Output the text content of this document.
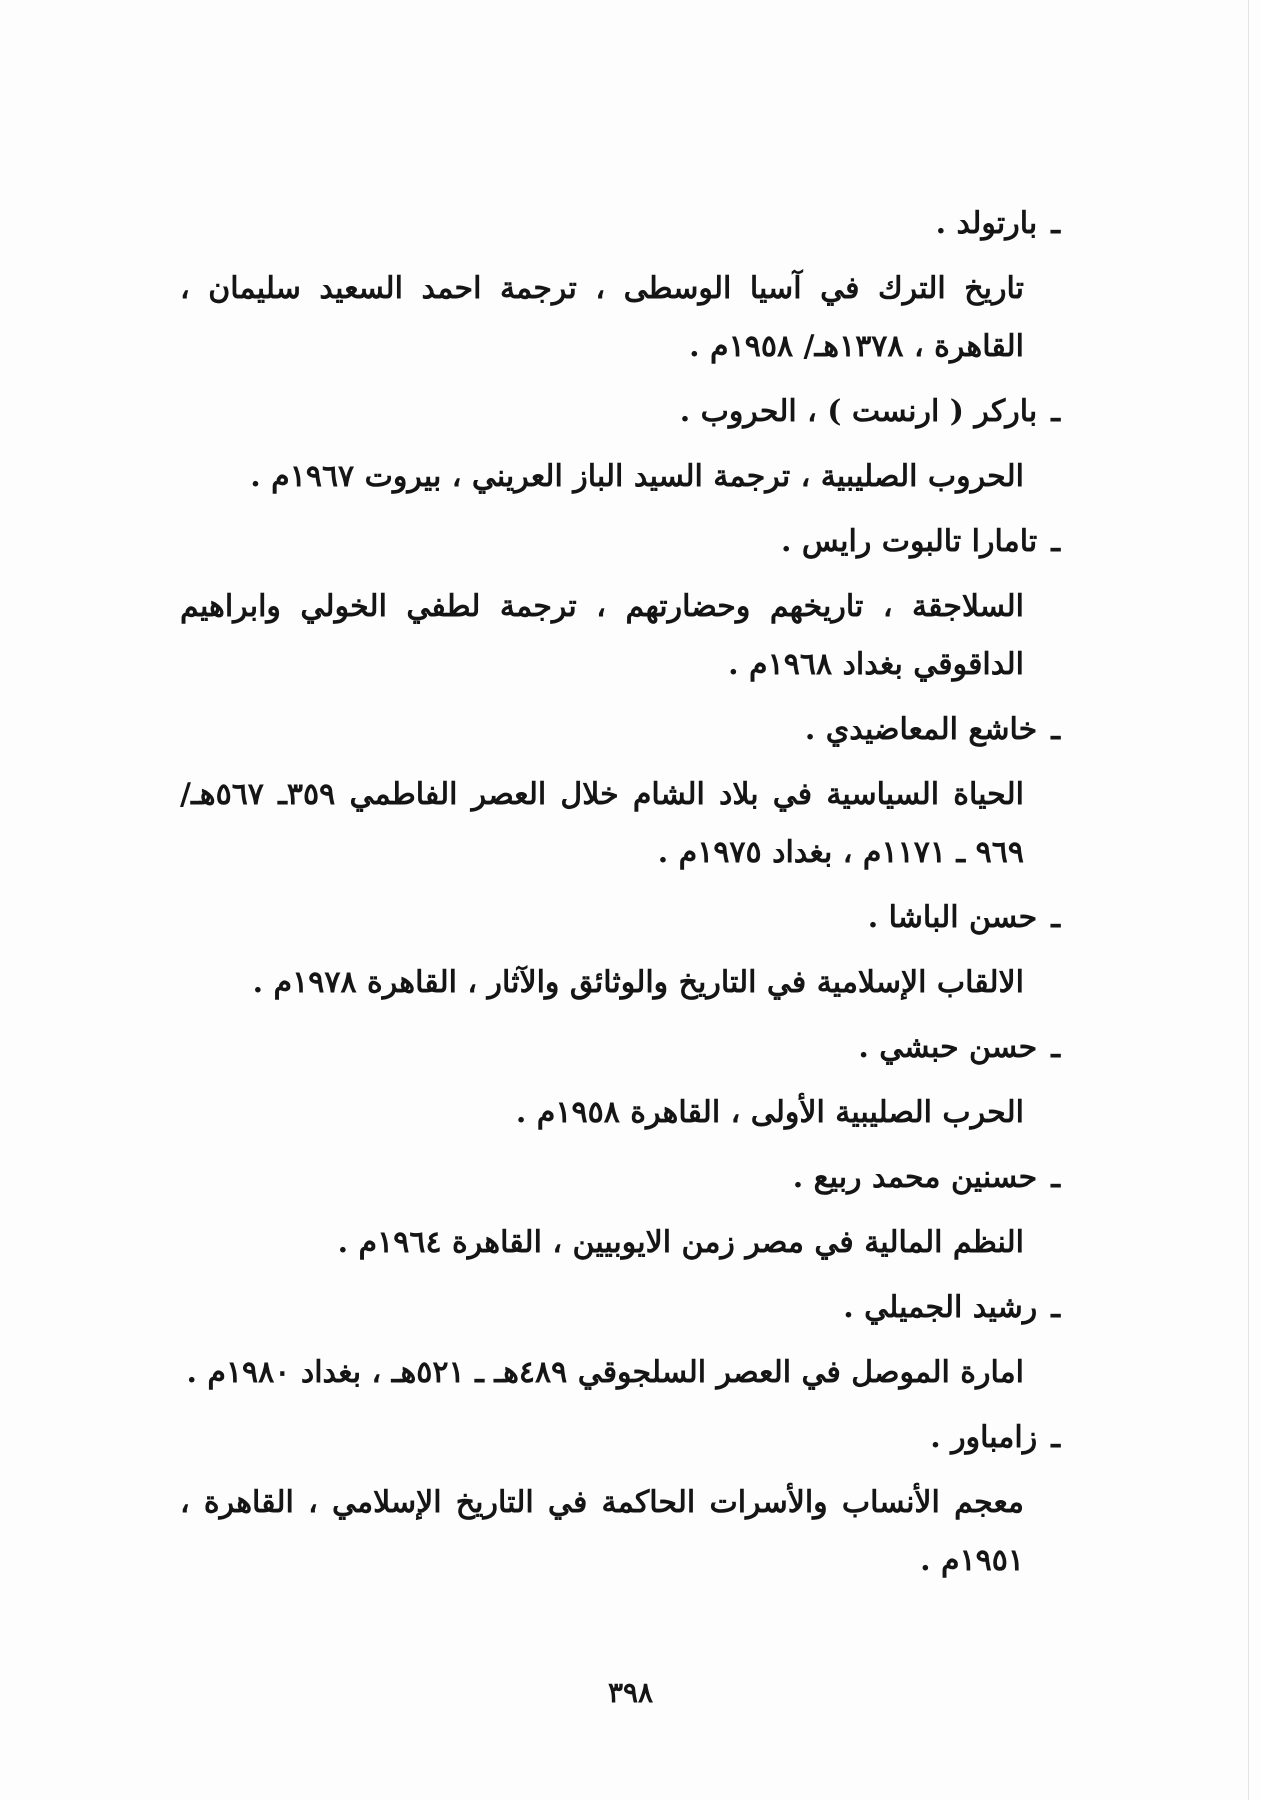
ـبارتولد .
تاريخ الترك في آسيا الوسطى ، ترجمة احمد السعيد سليمان ، القاهرة ، ١٣٧٨هـ/ ١٩٥٨م .
ـباركر ( ارنست ) ، الحروب .
الحروب الصليبية ، ترجمة السيد الباز العريني ، بيروت ١٩٦٧م .
ـتامارا تالبوت رايس .
السلاجقة ، تاريخهم وحضارتهم ، ترجمة لطفي الخولي وابراهيم الداقوقي بغداد ١٩٦٨م .
ـخاشع المعاضيدي .
الحياة السياسية في بلاد الشام خلال العصر الفاطمي ٣٥٩ـ ٥٦٧هـ/ ٩٦٩ ـ ١١٧١م ، بغداد ١٩٧٥م .
ـحسن الباشا .
الالقاب الإسلامية في التاريخ والوثائق والآثار ، القاهرة ١٩٧٨م .
ـحسن حبشي .
الحرب الصليبية الأولى ، القاهرة ١٩٥٨م .
ـحسنين محمد ربيع .
النظم المالية في مصر زمن الايوبيين ، القاهرة ١٩٦٤م .
ـرشيد الجميلي .
امارة الموصل في العصر السلجوقي ٤٨٩هـ ـ ٥٢١هـ ، بغداد ١٩٨٠م .
ـزامباور .
معجم الأنساب والأسرات الحاكمة في التاريخ الإسلامي ، القاهرة ، ١٩٥١م .
٣٩٨
